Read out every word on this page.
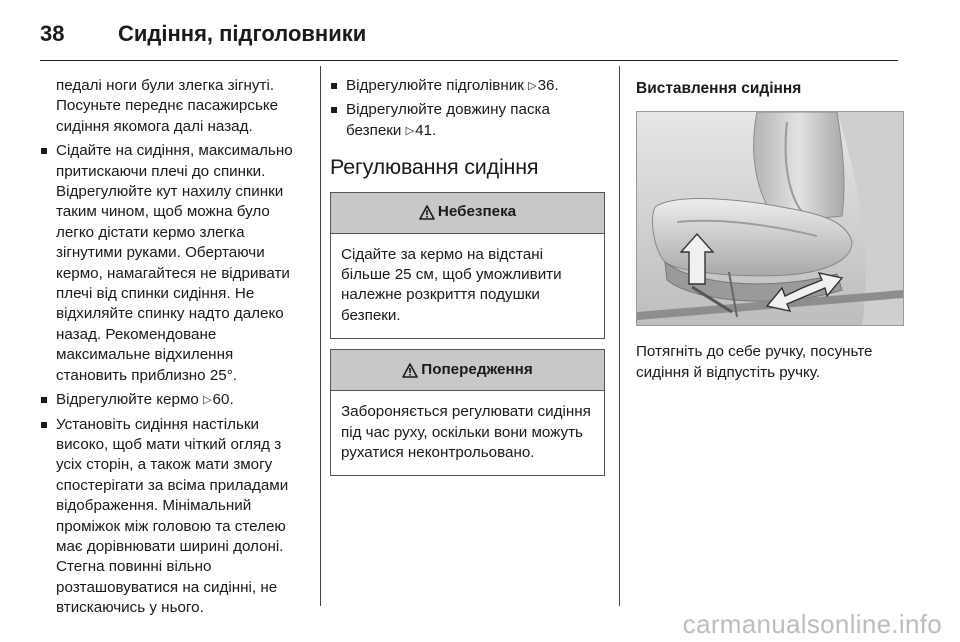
38	Сидіння, підголовники

педалі ноги були злегка зігнуті. Посуньте переднє пасажирське сидіння якомога далі назад.

Сідайте на сидіння, максимально притискаючи плечі до спинки. Відрегулюйте кут нахилу спинки таким чином, щоб можна було легко дістати кермо злегка зігнутими руками. Обертаючи кермо, намагайтеся не відривати плечі від спинки сидіння. Не відхиляйте спинку надто далеко назад. Рекомендоване максимальне відхилення становить приблизно 25°.

Відрегулюйте кермо ▷60.

Установіть сидіння настільки високо, щоб мати чіткий огляд з усіх сторін, а також мати змогу спостерігати за всіма приладами відображення. Мінімальний проміжок між головою та стелею має дорівнювати ширині долоні. Стегна повинні вільно розташовуватися на сидінні, не втискаючись у нього.

Відрегулюйте підголівник ▷36.

Відрегулюйте довжину паска безпеки ▷41.

Регулювання сидіння
Небезпека
Сідайте за кермо на відстані більше 25 см, щоб уможливити належне розкриття подушки безпеки.
Попередження
Забороняється регулювати сидіння під час руху, оскільки вони можуть рухатися неконтрольовано.
Виставлення сидіння
Потягніть до себе ручку, посуньте сидіння й відпустіть ручку.
carmanualsonline.info
